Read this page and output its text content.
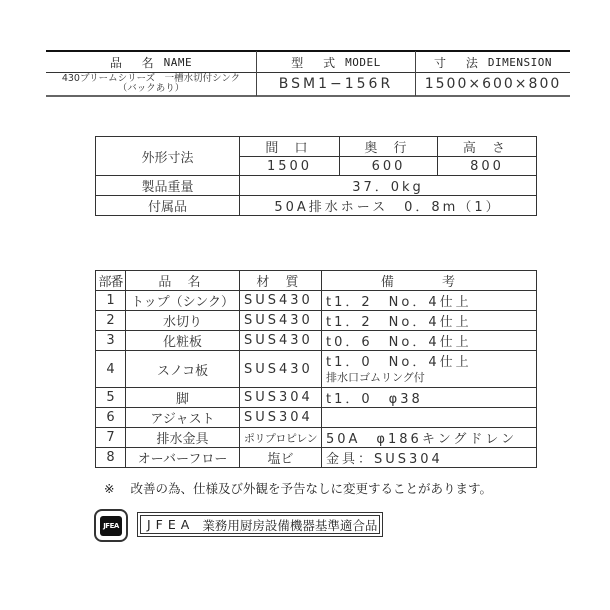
品 名 NAME	型 式 MODEL	寸 法 DIMENSION
430ブリームシリーズ　一槽水切付シンク
（バックあり）	BSM1−156R	1500×600×800
外形寸法	間 口	奥 行	高 さ
	1500	600	800
製品重量	37．0kg		
付属品	50A排水ホース　0．8m（1）		
部番	品 名	材 質	備 考
1	トップ（シンク）	SUS430	t1．2　No．4仕上
2	水切り	SUS430	t1．2　No．4仕上
3	化粧板	SUS430	t0．6　No．4仕上
4	スノコ板	SUS430	t1．0　No．4仕上
排水口ゴムリング付

5	脚	SUS304	t1．0　φ38
6	アジャスト	SUS304	
7	排水金具	ポリプロピレン	50A　φ186キングドレン
8	オーバーフロー	塩ビ	金具：SUS304
※ 改善の為、仕様及び外観を予告なしに変更することがあります。
JFEA JFEA 業務用厨房設備機器基準適合品
